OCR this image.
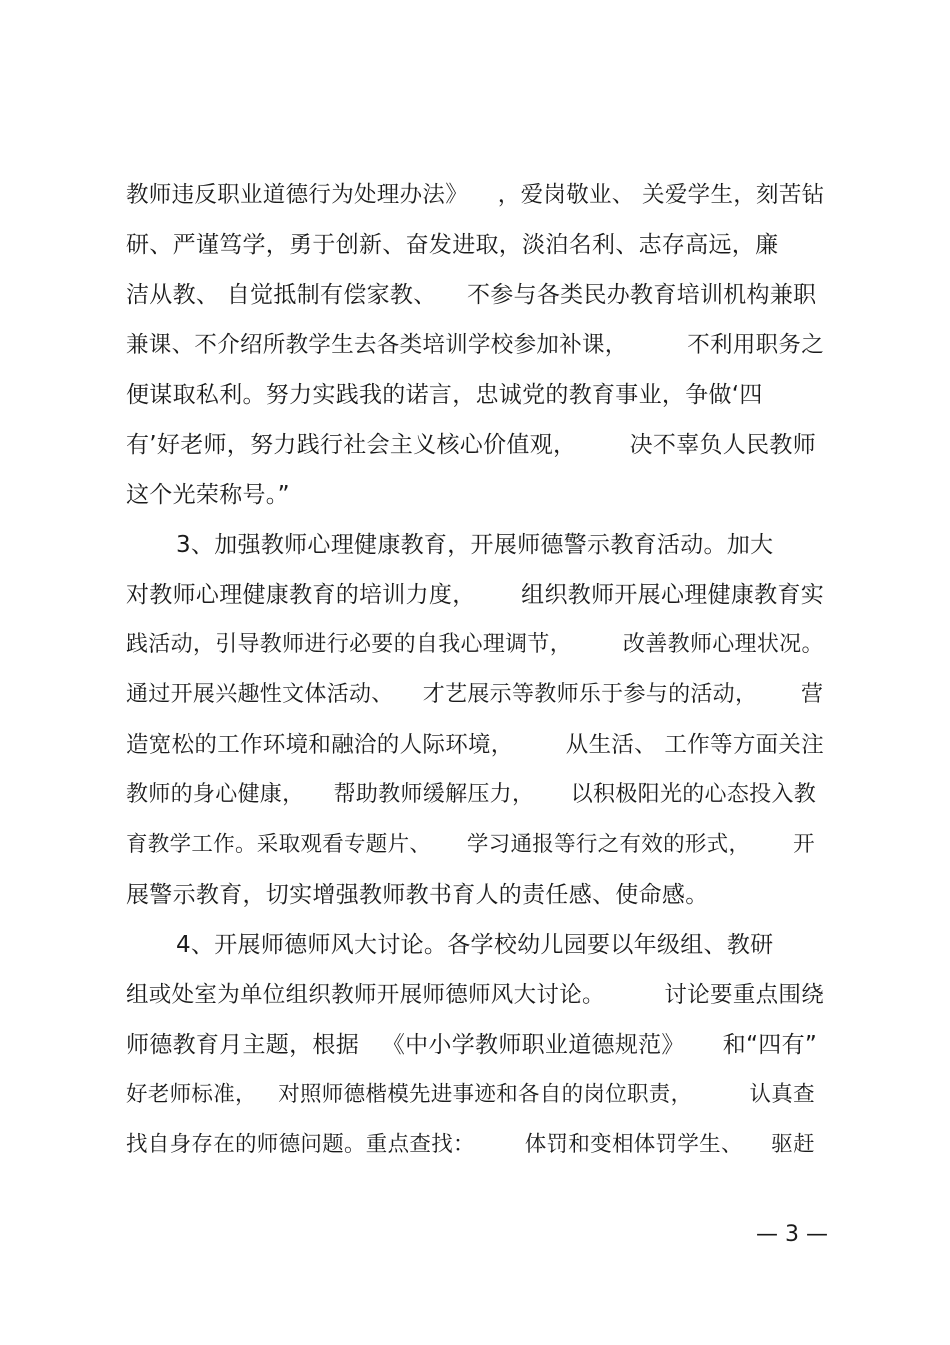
教师违反职业道德行为处理办法》    ，爱岗敬业、 关爱学生，刻苦钻
研、严谨笃学，勇于创新、奋发进取，淡泊名利、志存高远，廉
洁从教、 自觉抵制有偿家教、    不参与各类民办教育培训机构兼职
兼课、不介绍所教学生去各类培训学校参加补课，        不利用职务之
便谋取私利。努力实践我的诺言，忠诚党的教育事业，争做‘四
有’好老师，努力践行社会主义核心价值观，       决不辜负人民教师
这个光荣称号。”
3、加强教师心理健康教育，开展师德警示教育活动。加大
对教师心理健康教育的培训力度，      组织教师开展心理健康教育实
践活动，引导教师进行必要的自我心理调节，       改善教师心理状况。
通过开展兴趣性文体活动、    才艺展示等教师乐于参与的活动，      营
造宽松的工作环境和融洽的人际环境，       从生活、 工作等方面关注
教师的身心健康，    帮助教师缓解压力，     以积极阳光的心态投入教
育教学工作。采取观看专题片、     学习通报等行之有效的形式，      开
展警示教育，切实增强教师教书育人的责任感、使命感。
4、开展师德师风大讨论。各学校幼儿园要以年级组、教研
组或处室为单位组织教师开展师德师风大讨论。        讨论要重点围绕
师德教育月主题，根据   《中小学教师职业道德规范》     和“四有”
好老师标准，   对照师德楷模先进事迹和各自的岗位职责，        认真查
找自身存在的师德问题。重点查找：       体罚和变相体罚学生、    驱赶
— 3 —
